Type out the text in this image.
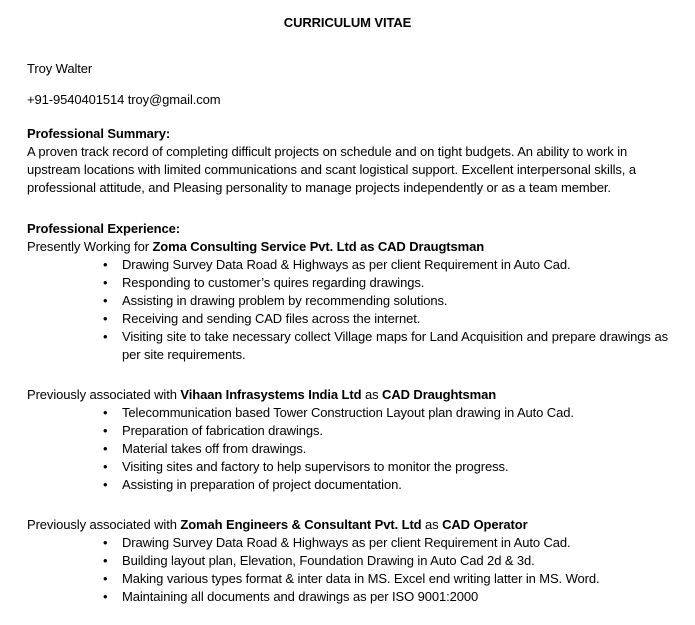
CURRICULUM VITAE

Troy Walter

+91-9540401514 troy@gmail.com

Professional Summary:

A proven track record of completing difficult projects on schedule and on tight budgets. An ability to work in upstream locations with limited communications and scant logistical support. Excellent interpersonal skills, a professional attitude, and Pleasing personality to manage projects independently or as a team member.

Professional Experience:

Presently Working for Zoma Consulting Service Pvt. Ltd as CAD Draugtsman

• Drawing Survey Data Road & Highways as per client Requirement in Auto Cad.
• Responding to customer’s quires regarding drawings.
• Assisting in drawing problem by recommending solutions.
• Receiving and sending CAD files across the internet.
• Visiting site to take necessary collect Village maps for Land Acquisition and prepare drawings as per site requirements.

Previously associated with Vihaan Infrasystems India Ltd as CAD Draughtsman

• Telecommunication based Tower Construction Layout plan drawing in Auto Cad.
• Preparation of fabrication drawings.
• Material takes off from drawings.
• Visiting sites and factory to help supervisors to monitor the progress.
• Assisting in preparation of project documentation.

Previously associated with Zomah Engineers & Consultant Pvt. Ltd as CAD Operator

• Drawing Survey Data Road & Highways as per client Requirement in Auto Cad.
• Building layout plan, Elevation, Foundation Drawing in Auto Cad 2d & 3d.
• Making various types format & inter data in MS. Excel end writing latter in MS. Word.
• Maintaining all documents and drawings as per ISO 9001:2000
